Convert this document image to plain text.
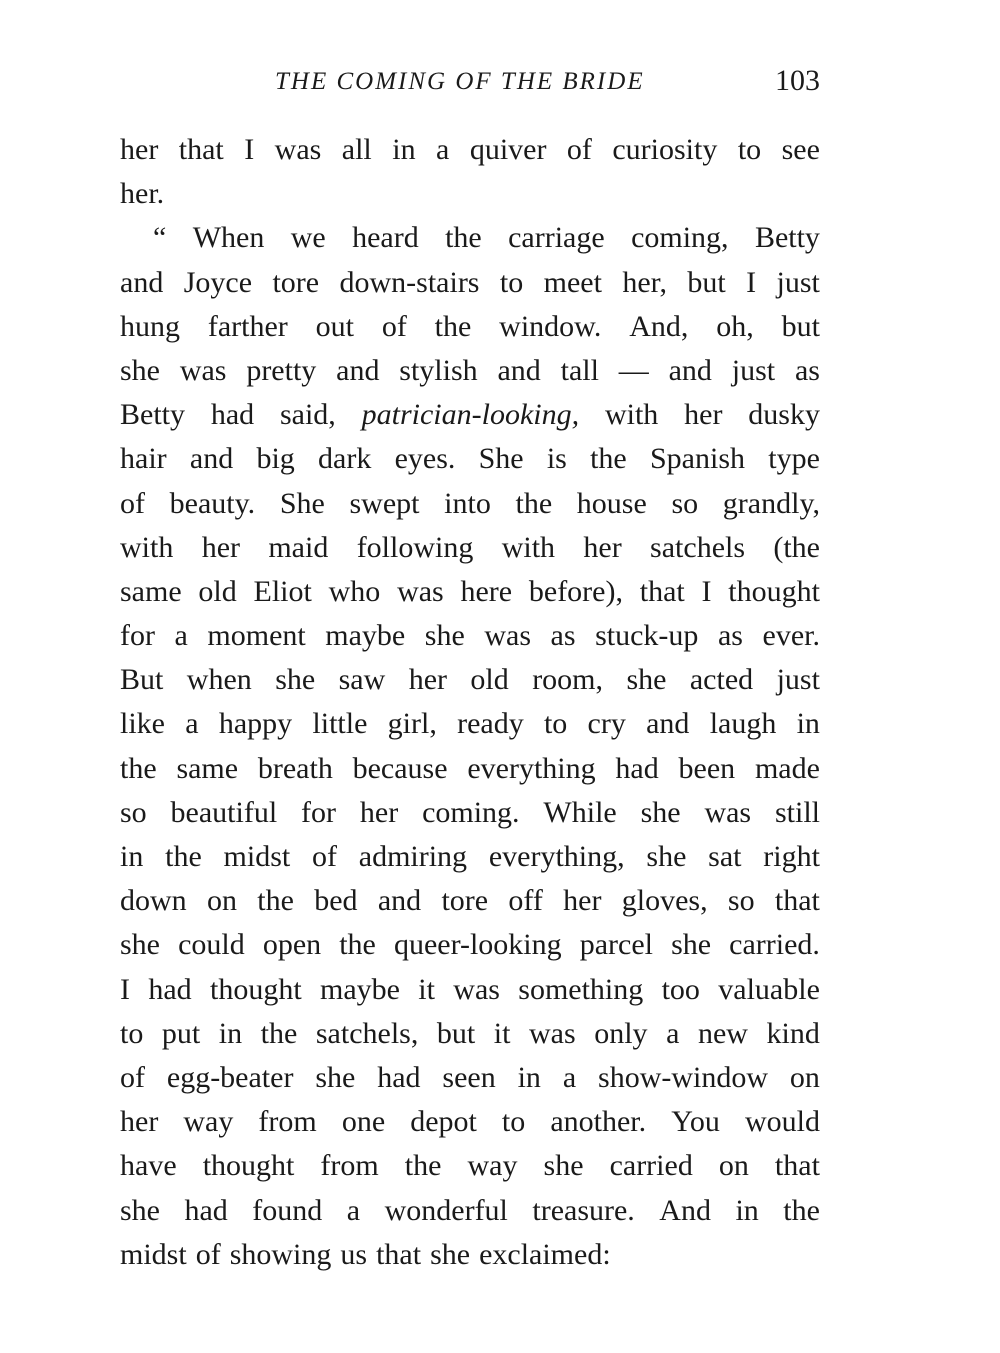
THE COMING OF THE BRIDE	103
her that I was all in a quiver of curiosity to see
her.
“ When we heard the carriage coming, Betty
and Joyce tore down-stairs to meet her, but I just
hung farther out of the window. And, oh, but
she was pretty and stylish and tall — and just as
Betty had said, patrician-looking, with her dusky
hair and big dark eyes. She is the Spanish type
of beauty. She swept into the house so grandly,
with her maid following with her satchels (the
same old Eliot who was here before), that I thought
for a moment maybe she was as stuck-up as ever.
But when she saw her old room, she acted just
like a happy little girl, ready to cry and laugh in
the same breath because everything had been made
so beautiful for her coming. While she was still
in the midst of admiring everything, she sat right
down on the bed and tore off her gloves, so that
she could open the queer-looking parcel she carried.
I had thought maybe it was something too valuable
to put in the satchels, but it was only a new kind
of egg-beater she had seen in a show-window on
her way from one depot to another. You would
have thought from the way she carried on that
she had found a wonderful treasure. And in the
midst of showing us that she exclaimed:
